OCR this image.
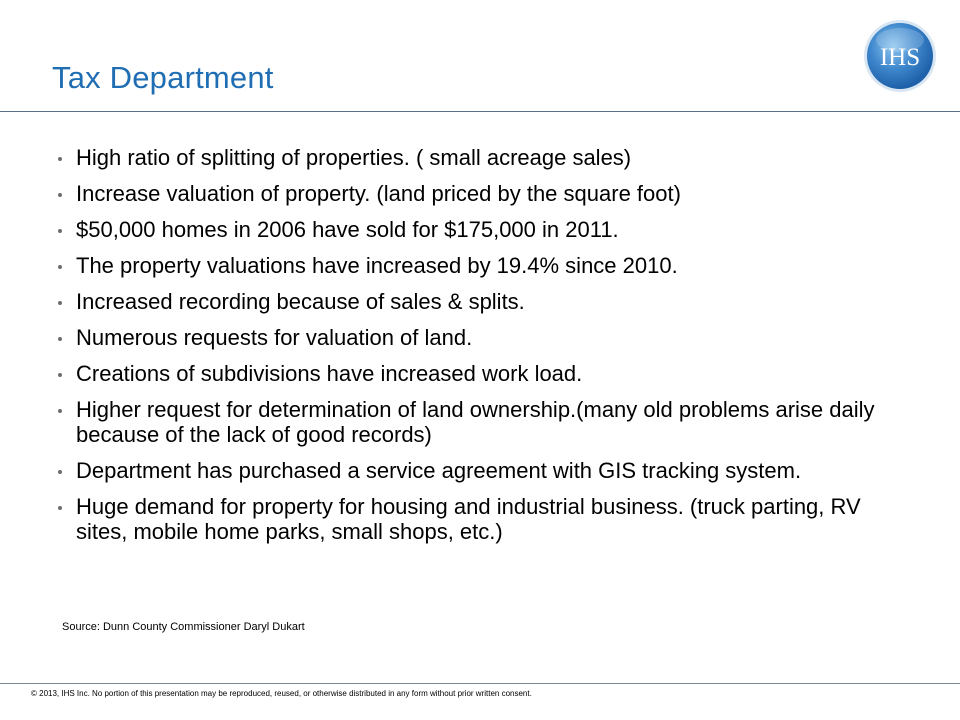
Tax Department
IHS
High ratio of splitting of properties. ( small acreage sales)
Increase valuation of property. (land priced by the square foot)
$50,000 homes in 2006 have sold for $175,000 in 2011.
The property valuations have increased by 19.4% since 2010.
Increased recording because of sales & splits.
Numerous requests for valuation of land.
Creations of subdivisions have increased work load.
Higher request for determination of land ownership.(many old problems arise daily because of the lack of good records)
Department has purchased a service agreement with GIS tracking system.
Huge demand for property for housing and industrial business. (truck parting, RV sites, mobile home parks, small shops, etc.)
Source: Dunn County Commissioner Daryl Dukart
© 2013, IHS Inc. No portion of this presentation may be reproduced, reused, or otherwise distributed in any form without prior written consent.
